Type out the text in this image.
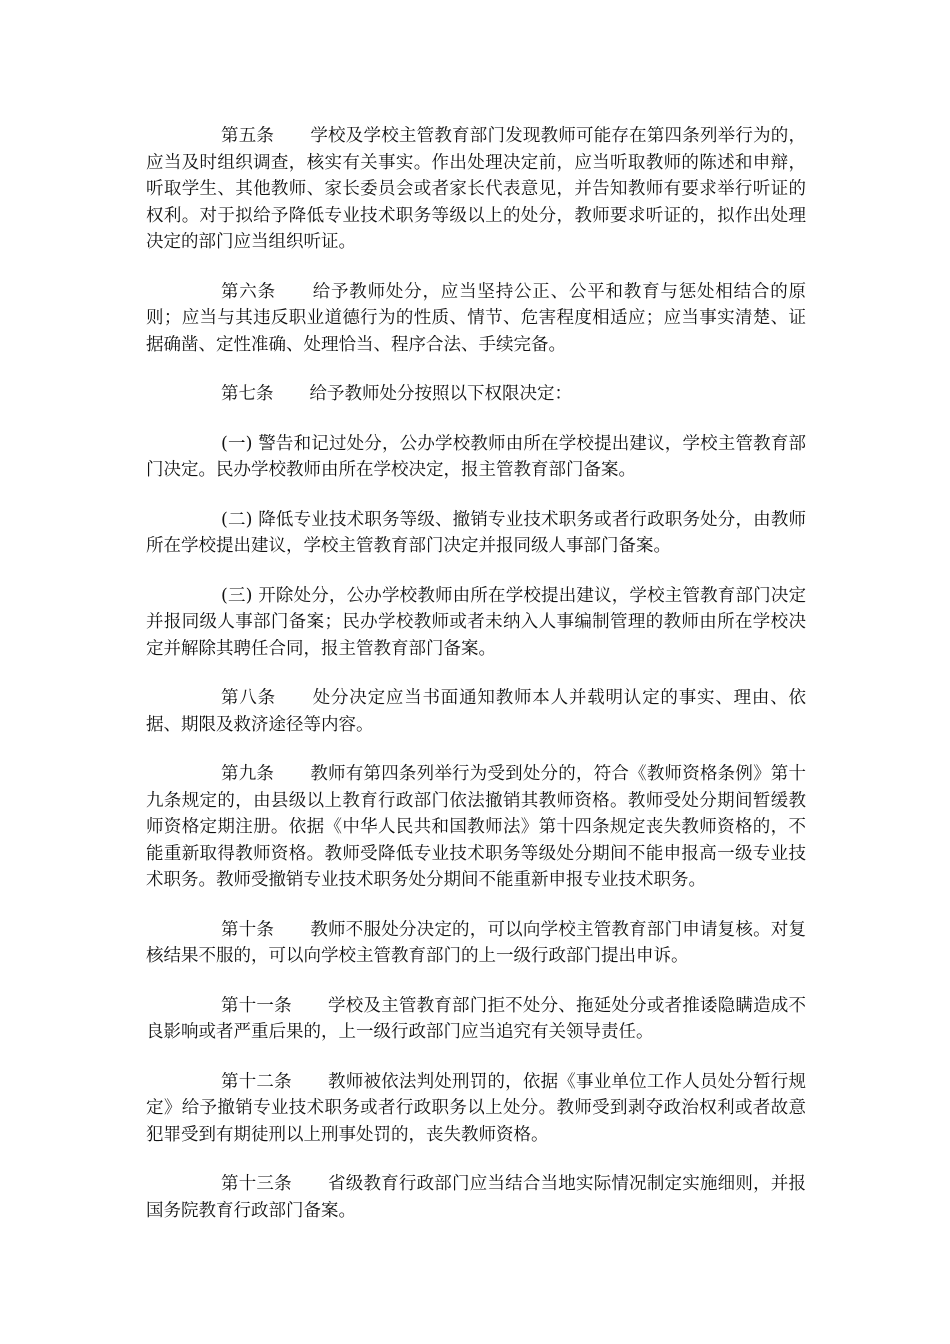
第五条 学校及学校主管教育部门发现教师可能存在第四条列举行为的，应当及时组织调查，核实有关事实。作出处理决定前，应当听取教师的陈述和申辩，听取学生、其他教师、家长委员会或者家长代表意见，并告知教师有要求举行听证的权利。对于拟给予降低专业技术职务等级以上的处分，教师要求听证的，拟作出处理决定的部门应当组织听证。

第六条 给予教师处分，应当坚持公正、公平和教育与惩处相结合的原则；应当与其违反职业道德行为的性质、情节、危害程度相适应；应当事实清楚、证据确凿、定性准确、处理恰当、程序合法、手续完备。

第七条 给予教师处分按照以下权限决定：

(一) 警告和记过处分，公办学校教师由所在学校提出建议，学校主管教育部门决定。民办学校教师由所在学校决定，报主管教育部门备案。

(二) 降低专业技术职务等级、撤销专业技术职务或者行政职务处分，由教师所在学校提出建议，学校主管教育部门决定并报同级人事部门备案。

(三) 开除处分，公办学校教师由所在学校提出建议，学校主管教育部门决定并报同级人事部门备案；民办学校教师或者未纳入人事编制管理的教师由所在学校决定并解除其聘任合同，报主管教育部门备案。

第八条 处分决定应当书面通知教师本人并载明认定的事实、理由、依据、期限及救济途径等内容。

第九条 教师有第四条列举行为受到处分的，符合《教师资格条例》第十九条规定的，由县级以上教育行政部门依法撤销其教师资格。教师受处分期间暂缓教师资格定期注册。依据《中华人民共和国教师法》第十四条规定丧失教师资格的，不能重新取得教师资格。教师受降低专业技术职务等级处分期间不能申报高一级专业技术职务。教师受撤销专业技术职务处分期间不能重新申报专业技术职务。

第十条 教师不服处分决定的，可以向学校主管教育部门申请复核。对复核结果不服的，可以向学校主管教育部门的上一级行政部门提出申诉。

第十一条 学校及主管教育部门拒不处分、拖延处分或者推诿隐瞒造成不良影响或者严重后果的，上一级行政部门应当追究有关领导责任。

第十二条 教师被依法判处刑罚的，依据《事业单位工作人员处分暂行规定》给予撤销专业技术职务或者行政职务以上处分。教师受到剥夺政治权利或者故意犯罪受到有期徒刑以上刑事处罚的，丧失教师资格。

第十三条 省级教育行政部门应当结合当地实际情况制定实施细则，并报国务院教育行政部门备案。
